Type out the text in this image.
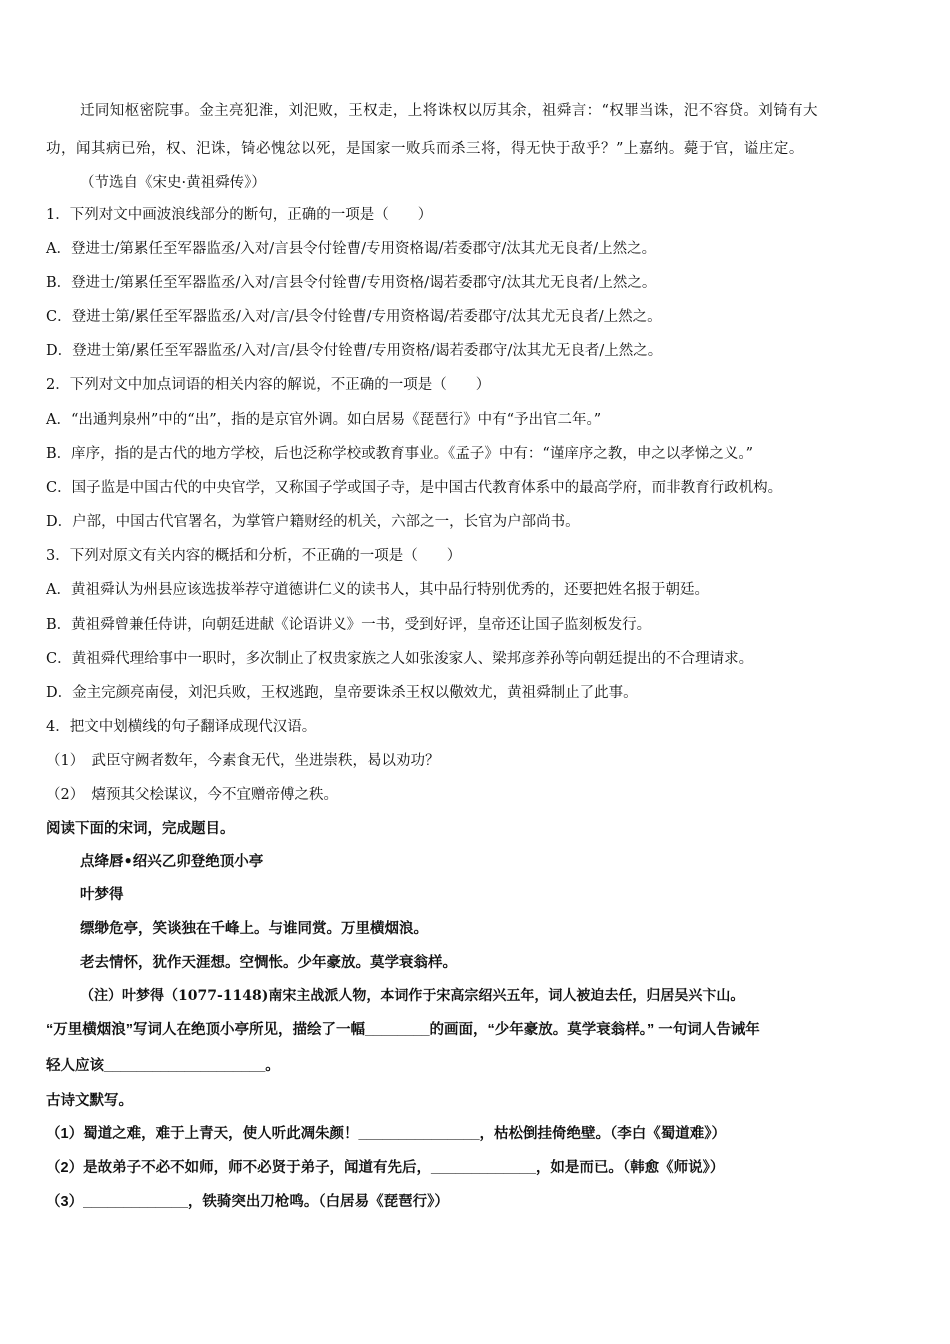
迁同知枢密院事。金主亮犯淮，刘汜败，王权走，上将诛权以厉其余，祖舜言：“权罪当诛，汜不容贷。刘锜有大
功，闻其病已殆，权、汜诛，锜必愧忿以死，是国家一败兵而杀三将，得无快于敌乎？”上嘉纳。薨于官，谥庄定。
（节选自《宋史·黄祖舜传》）
1．下列对文中画波浪线部分的断句，正确的一项是（　　）
A．登进士/第累任至军器监丞/入对/言县令付铨曹/专用资格谒/若委郡守/汰其尤无良者/上然之。
B．登进士/第累任至军器监丞/入对/言县令付铨曹/专用资格/谒若委郡守/汰其尤无良者/上然之。
C．登进士第/累任至军器监丞/入对/言/县令付铨曹/专用资格谒/若委郡守/汰其尤无良者/上然之。
D．登进士第/累任至军器监丞/入对/言/县令付铨曹/专用资格/谒若委郡守/汰其尤无良者/上然之。
2．下列对文中加点词语的相关内容的解说，不正确的一项是（　　）
A．“出通判泉州”中的“出”，指的是京官外调。如白居易《琵琶行》中有“予出官二年。”
B．庠序，指的是古代的地方学校，后也泛称学校或教育事业。《孟子》中有：“谨庠序之教，申之以孝悌之义。”
C．国子监是中国古代的中央官学，又称国子学或国子寺，是中国古代教育体系中的最高学府，而非教育行政机构。
D．户部，中国古代官署名，为掌管户籍财经的机关，六部之一，长官为户部尚书。
3．下列对原文有关内容的概括和分析，不正确的一项是（　　）
A．黄祖舜认为州县应该选拔举荐守道德讲仁义的读书人，其中品行特别优秀的，还要把姓名报于朝廷。
B．黄祖舜曾兼任侍讲，向朝廷进献《论语讲义》一书，受到好评，皇帝还让国子监刻板发行。
C．黄祖舜代理给事中一职时，多次制止了权贵家族之人如张浚家人、梁邦彦养孙等向朝廷提出的不合理请求。
D．金主完颜亮南侵，刘汜兵败，王权逃跑，皇帝要诛杀王权以儆效尤，黄祖舜制止了此事。
4．把文中划横线的句子翻译成现代汉语。
（1）　武臣守阙者数年，今素食无代，坐进崇秩，曷以劝功？
（2）　熺预其父桧谋议，今不宜赠帝傅之秩。
阅读下面的宋词，完成题目。
点绛唇•绍兴乙卯登绝顶小亭
叶梦得
缥缈危亭，笑谈独在千峰上。与谁同赏。万里横烟浪。
老去情怀，犹作天涯想。空惆怅。少年豪放。莫学衰翁样。
（注）叶梦得（1077-1148)南宋主战派人物，本词作于宋高宗绍兴五年，词人被迫去任，归居吴兴卞山。
“万里横烟浪”写词人在绝顶小亭所见，描绘了一幅________的画面，“少年豪放。莫学衰翁样。” 一句词人告诫年
轻人应该____________________。
古诗文默写。
（1）蜀道之难，难于上青天，使人听此凋朱颜！_______________，枯松倒挂倚绝壁。（李白《蜀道难》）
（2）是故弟子不必不如师，师不必贤于弟子，闻道有先后，_____________，如是而已。（韩愈《师说》）
（3）_____________，铁骑突出刀枪鸣。（白居易《琵琶行》）
